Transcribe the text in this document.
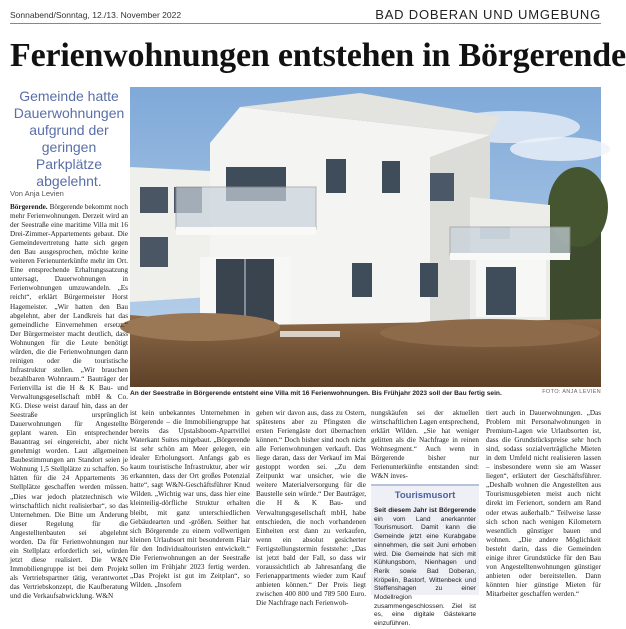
Sonnabend/Sonntag, 12./13. November 2022	BAD DOBERAN UND UMGEBUNG
Ferienwohnungen entstehen in Börgerende
Gemeinde hatte Dauerwohnungen aufgrund der geringen Parkplätze abgelehnt.
Von Anja Levien
An der Seestraße in Börgerende entsteht eine Villa mit 16 Ferienwohnungen. Bis Frühjahr 2023 soll der Bau fertig sein.	FOTO: ANJA LEVIEN

Börgerende. Börgerende bekommt noch mehr Ferienwohnungen. Derzeit wird an der Seestraße eine maritime Villa mit 16 Drei-Zimmer-Appartements gebaut. Die Gemeindevertretung hatte sich gegen den Bau ausgesprochen, möchte keine weiteren Ferienunterkünfte mehr im Ort. Eine entsprechende Erhaltungssatzung untersagt, Dauerwohnungen in Ferienwohnungen umzuwandeln. „Es reicht“, erklärt Bürgermeister Horst Hagemeister. „Wir hatten den Bau abgelehnt, aber der Landkreis hat das gemeindliche Einvernehmen ersetzt.“ Der Bürgermeister macht deutlich, dass Wohnungen für die Leute benötigt würden, die die Ferienwohnungen dann reinigen oder die touristische Infrastruktur stellen. „Wir brauchen bezahlbaren Wohnraum.“ Bauträger der Ferienvilla ist die H & K Bau- und Verwaltungsgesellschaft mbH & Co. KG. Diese weist darauf hin, dass an der Seestraße ursprünglich Dauerwohnungen für Angestellte geplant waren. Ein entsprechender Bauantrag sei eingereicht, aber nicht genehmigt worden. Laut allgemeinen Baubestimmungen am Standort seien je Wohnung 1,5 Stellplätze zu schaffen. So hätten für die 24 Appartements 36 Stellplätze geschaffen werden müssen. „Dies war jedoch platztechnisch wie wirtschaftlich nicht realisierbar“, so das Unternehmen. Die Bitte um Änderung dieser Regelung für die Angestelltenbauten sei abgelehnt worden. Da für Ferienwohnungen nur ein Stellplatz erforderlich sei, würden jetzt diese realisiert. Die W&N Immobiliengruppe ist bei dem Projekt als Vertriebspartner tätig, verantwortet das Vertriebskonzept, die Kaufberatung und die Verkaufsabwicklung. W&N

ist kein unbekanntes Unternehmen in Börgerende – die Immobiliengruppe hat bereits das Upstalsboom-Apartvillei Waterkant Suites mitgebaut. „Börgerende ist sehr schön am Meer gelegen, ein idealer Erholungsort. Anfangs gab es kaum touristische Infrastruktur, aber wir erkannten, dass der Ort großes Potenzial hatte“, sagt W&N-Geschäftsführer Knud Wilden. „Wichtig war uns, dass hier eine kleinteilig-dörfliche Struktur erhalten bleibt, mit ganz unterschiedlichen Gebäudearten und -größen. Seither hat sich Börgerende zu einem vollwertigen kleinen Urlaubsort mit besonderem Flair für den Individualtouristen entwickelt.“ Die Ferienwohnungen an der Seestraße sollen im Frühjahr 2023 fertig werden. „Das Projekt ist gut im Zeitplan“, so Wilden. „Insofern

gehen wir davon aus, dass zu Ostern, spätestens aber zu Pfingsten die ersten Feriengäste dort übernachten können.“ Doch bisher sind noch nicht alle Ferienwohnungen verkauft. Das liege daran, dass der Verkauf im Mai gestoppt worden sei. „Zu dem Zeitpunkt war unsicher, wie die weitere Materialversorgung für die Baustelle sein würde.“ Der Bauträger, die H & K Bau- und Verwaltungsgesellschaft mbH, habe entschieden, die noch vorhandenen Einheiten erst dann zu verkaufen, wenn ein absolut gesicherter Fertigstellungstermin feststehe: „Das ist jetzt bald der Fall, so dass wir voraussichtlich ab Jahresanfang die Ferienappartments wieder zum Kauf anbieten können.“ Der Preis liegt zwischen 400 800 und 789 500 Euro. Die Nachfrage nach Ferienwoh-

nungskäufen sei der aktuellen wirtschaftlichen Lagen entsprechend, erklärt Wilden. „Sie hat weniger gelitten als die Nachfrage in reinen Wohnsegment.“ Auch wenn in Börgerende bisher nur Ferienunterkünfte entstanden sind: W&N inves-

tiert auch in Dauerwohnungen. „Das Problem mit Personalwohnungen in Premium-Lagen wie Urlaubsorten ist, dass die Grundstückspreise sehr hoch sind, sodass sozialverträgliche Mieten in dem Umfeld nicht realisieren lassen – insbesondere wenn sie am Wasser liegen“, erläutert der Geschäftsführer. „Deshalb wohnen die Angestellten aus Tourismusgebieten meist auch nicht direkt im Ferienort, sondern am Rand oder etwas außerhalb.“ Teilweise lasse sich schon nach wenigen Kilometern wesentlich günstiger bauen und wohnen. „Die andere Möglichkeit besteht darin, dass die Gemeinden einige ihrer Grundstücke für den Bau von Angestelltenwohnungen günstiger anbieten oder bereitstellen. Dann könnten hier günstige Mieten für Mitarbeiter geschaffen werden.“

Tourismusort
Seit diesem Jahr ist Börgerende ein vom Land anerkannter Tourismusort. Damit kann die Gemeinde jetzt eine Kurabgabe einnehmen, die seit Juni erhoben wird. Die Gemeinde hat sich mit Kühlungsborn, Nienhagen und Rerik sowie Bad Doberan, Kröpelin, Bastorf, Wittenbeck und Steffenshagen zu einer Modellregion zusammengeschlossen. Ziel ist es, eine digitale Gästekarte einzuführen.
